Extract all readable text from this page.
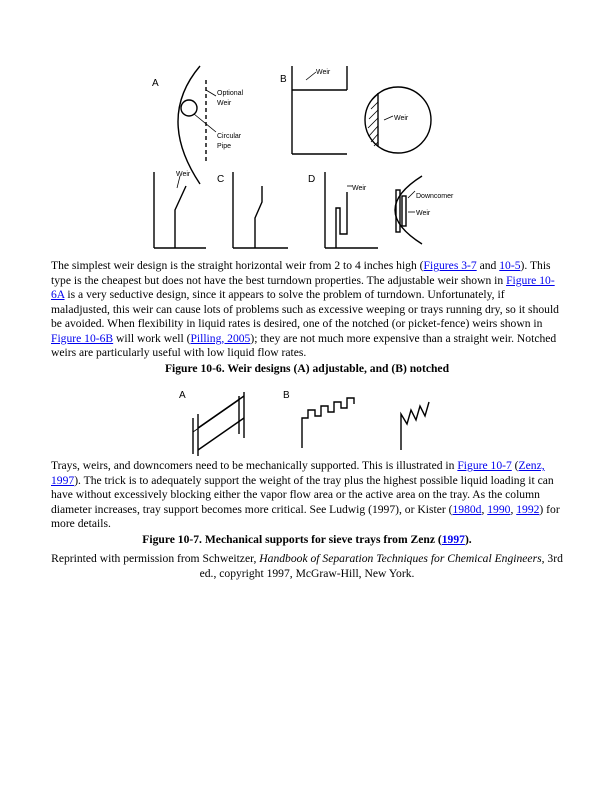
A
Optional
Weir
Circular
Pipe
B
Weir
Weir
Weir	C	D
Weir
Downcomer
Weir

The simplest weir design is the straight horizontal weir from 2 to 4 inches high (Figures 3-7 and 10-5). This type is the cheapest but does not have the best turndown properties. The adjustable weir shown in Figure 10-6A is a very seductive design, since it appears to solve the problem of turndown. Unfortunately, if maladjusted, this weir can cause lots of problems such as excessive weeping or trays running dry, so it should be avoided. When flexibility in liquid rates is desired, one of the notched (or picket-fence) weirs shown in Figure 10-6B will work well (Pilling, 2005); they are not much more expensive than a straight weir. Notched weirs are particularly useful with low liquid flow rates.

Figure 10-6. Weir designs (A) adjustable, and (B) notched

A	B

Trays, weirs, and downcomers need to be mechanically supported. This is illustrated in Figure 10-7 (Zenz, 1997). The trick is to adequately support the weight of the tray plus the highest possible liquid loading it can have without excessively blocking either the vapor flow area or the active area on the tray. As the column diameter increases, tray support becomes more critical. See Ludwig (1997), or Kister (1980d, 1990, 1992) for more details.

Figure 10-7. Mechanical supports for sieve trays from Zenz (1997).

Reprinted with permission from Schweitzer, Handbook of Separation Techniques for Chemical Engineers, 3rd ed., copyright 1997, McGraw-Hill, New York.
